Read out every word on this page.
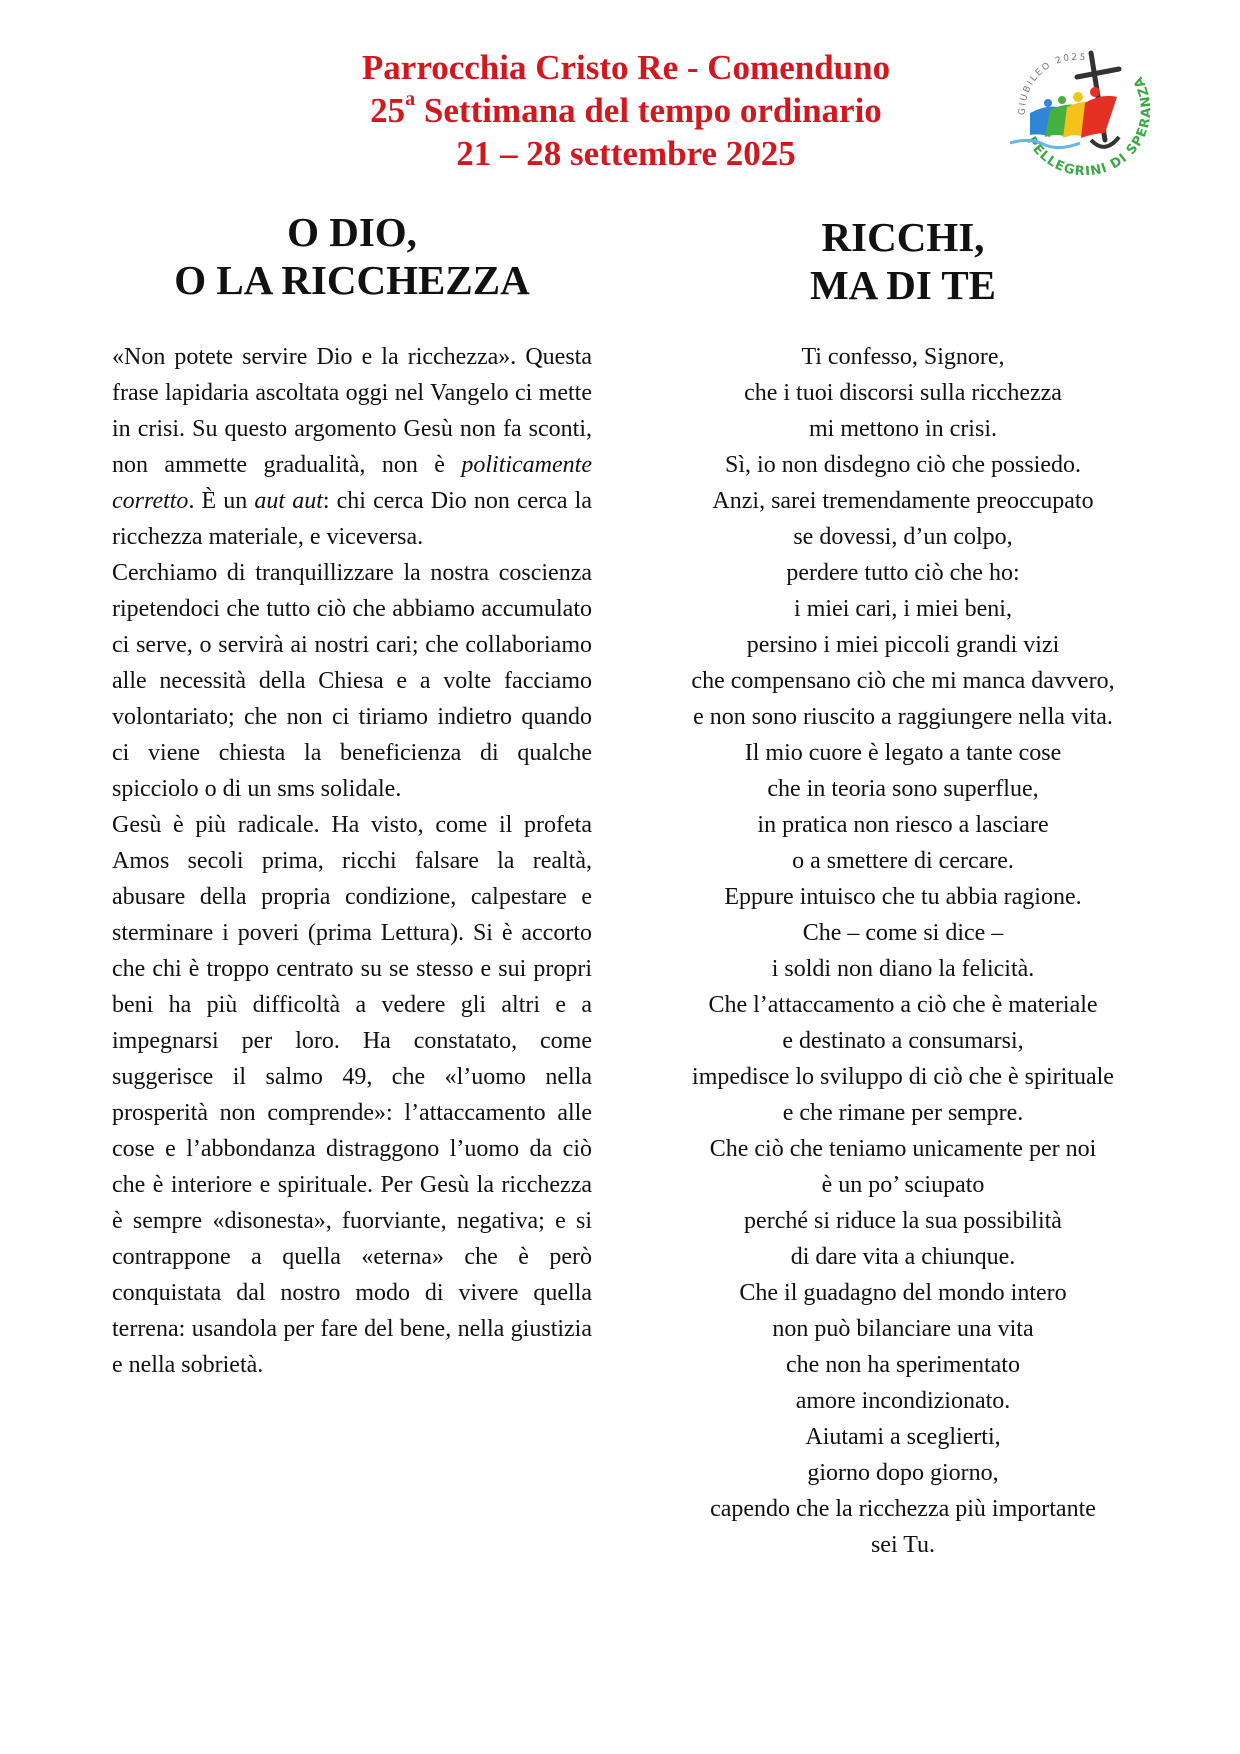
Parrocchia Cristo Re - Comenduno
25$^a$ Settimana del tempo ordinario
21 – 28 settembre 2025
GIUBILEO 2025
PELLEGRINI DI SPERANZA
O DIO,
O LA RICCHEZZA
RICCHI,
MA DI TE

«Non potete servire Dio e la ricchezza». Questa frase lapidaria ascoltata oggi nel Vangelo ci mette in crisi. Su questo argomento Gesù non fa sconti, non ammette gradualità, non è politicamente corretto. È un aut aut: chi cerca Dio non cerca la ricchezza materiale, e viceversa.

Cerchiamo di tranquillizzare la nostra coscienza ripetendoci che tutto ciò che abbiamo accumulato ci serve, o servirà ai nostri cari; che collaboriamo alle necessità della Chiesa e a volte facciamo volontariato; che non ci tiriamo indietro quando ci viene chiesta la beneficienza di qualche spicciolo o di un sms solidale.

Gesù è più radicale. Ha visto, come il profeta Amos secoli prima, ricchi falsare la realtà, abusare della propria condizione, calpestare e sterminare i poveri (prima Lettura). Si è accorto che chi è troppo centrato su se stesso e sui propri beni ha più difficoltà a vedere gli altri e a impegnarsi per loro. Ha constatato, come suggerisce il salmo 49, che «l’uomo nella prosperità non comprende»: l’attaccamento alle cose e l’abbondanza distraggono l’uomo da ciò che è interiore e spirituale. Per Gesù la ricchezza è sempre «disonesta», fuorviante, negativa; e si contrappone a quella «eterna» che è però conquistata dal nostro modo di vivere quella terrena: usandola per fare del bene, nella giustizia e nella sobrietà.

Ti confesso, Signore,
che i tuoi discorsi sulla ricchezza
mi mettono in crisi.
Sì, io non disdegno ciò che possiedo.
Anzi, sarei tremendamente preoccupato
se dovessi, d’un colpo,
perdere tutto ciò che ho:
i miei cari, i miei beni,
persino i miei piccoli grandi vizi
che compensano ciò che mi manca davvero,
e non sono riuscito a raggiungere nella vita.
Il mio cuore è legato a tante cose
che in teoria sono superflue,
in pratica non riesco a lasciare
o a smettere di cercare.
Eppure intuisco che tu abbia ragione.
Che – come si dice –
i soldi non diano la felicità.
Che l’attaccamento a ciò che è materiale
e destinato a consumarsi,
impedisce lo sviluppo di ciò che è spirituale
e che rimane per sempre.
Che ciò che teniamo unicamente per noi
è un po’ sciupato
perché si riduce la sua possibilità
di dare vita a chiunque.
Che il guadagno del mondo intero
non può bilanciare una vita
che non ha sperimentato
amore incondizionato.
Aiutami a sceglierti,
giorno dopo giorno,
capendo che la ricchezza più importante
sei Tu.
